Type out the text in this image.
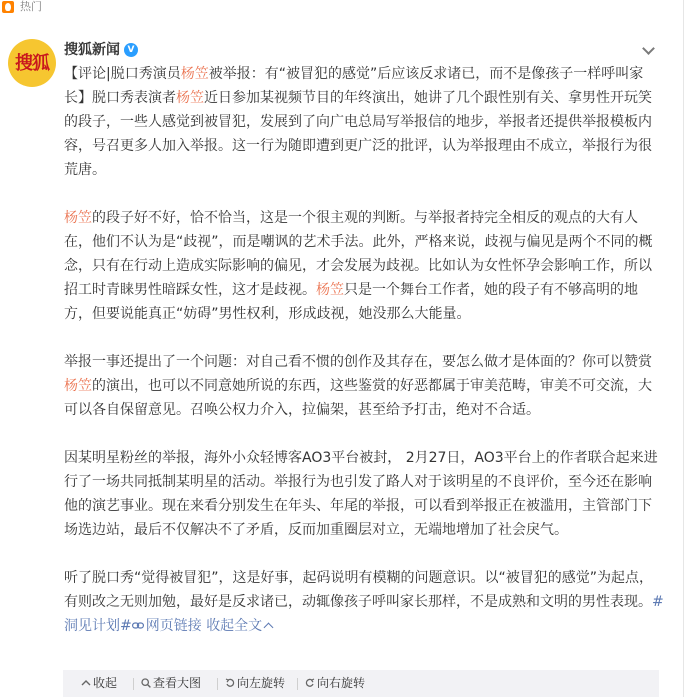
热门
搜狐
搜狐新闻 V
【评论|脱口秀演员杨笠被举报：有“被冒犯的感觉”后应该反求诸已，而不是像孩子一样呼叫家长】脱口秀表演者杨笠近日参加某视频节目的年终演出，她讲了几个跟性别有关、拿男性开玩笑的段子，一些人感觉到被冒犯，发展到了向广电总局写举报信的地步，举报者还提供举报模板内容，号召更多人加入举报。这一行为随即遭到更广泛的批评，认为举报理由不成立，举报行为很荒唐。
杨笠的段子好不好，恰不恰当，这是一个很主观的判断。与举报者持完全相反的观点的大有人在，他们不认为是“歧视”，而是嘲讽的艺术手法。此外，严格来说，歧视与偏见是两个不同的概念，只有在行动上造成实际影响的偏见，才会发展为歧视。比如认为女性怀孕会影响工作，所以招工时青睐男性暗踩女性，这才是歧视。杨笠只是一个舞台工作者，她的段子有不够高明的地方，但要说能真正“妨碍”男性权利，形成歧视，她没那么大能量。
举报一事还提出了一个问题：对自己看不惯的创作及其存在，要怎么做才是体面的？你可以赞赏杨笠的演出，也可以不同意她所说的东西，这些鉴赏的好恶都属于审美范畴，审美不可交流，大可以各自保留意见。召唤公权力介入，拉偏架，甚至给予打击，绝对不合适。
因某明星粉丝的举报，海外小众轻博客AO3平台被封， 2月27日，AO3平台上的作者联合起来进行了一场共同抵制某明星的活动。举报行为也引发了路人对于该明星的不良评价，至今还在影响他的演艺事业。现在来看分别发生在年头、年尾的举报，可以看到举报正在被滥用，主管部门下场选边站，最后不仅解决不了矛盾，反而加重圈层对立，无端地增加了社会戾气。
听了脱口秀“觉得被冒犯”，这是好事，起码说明有模糊的问题意识。以“被冒犯的感觉”为起点，有则改之无则加勉，最好是反求诸已，动辄像孩子呼叫家长那样，不是成熟和文明的男性表现。#洞见计划# 网页链接 收起全文
收起	查看大图	向左旋转	向右旋转
